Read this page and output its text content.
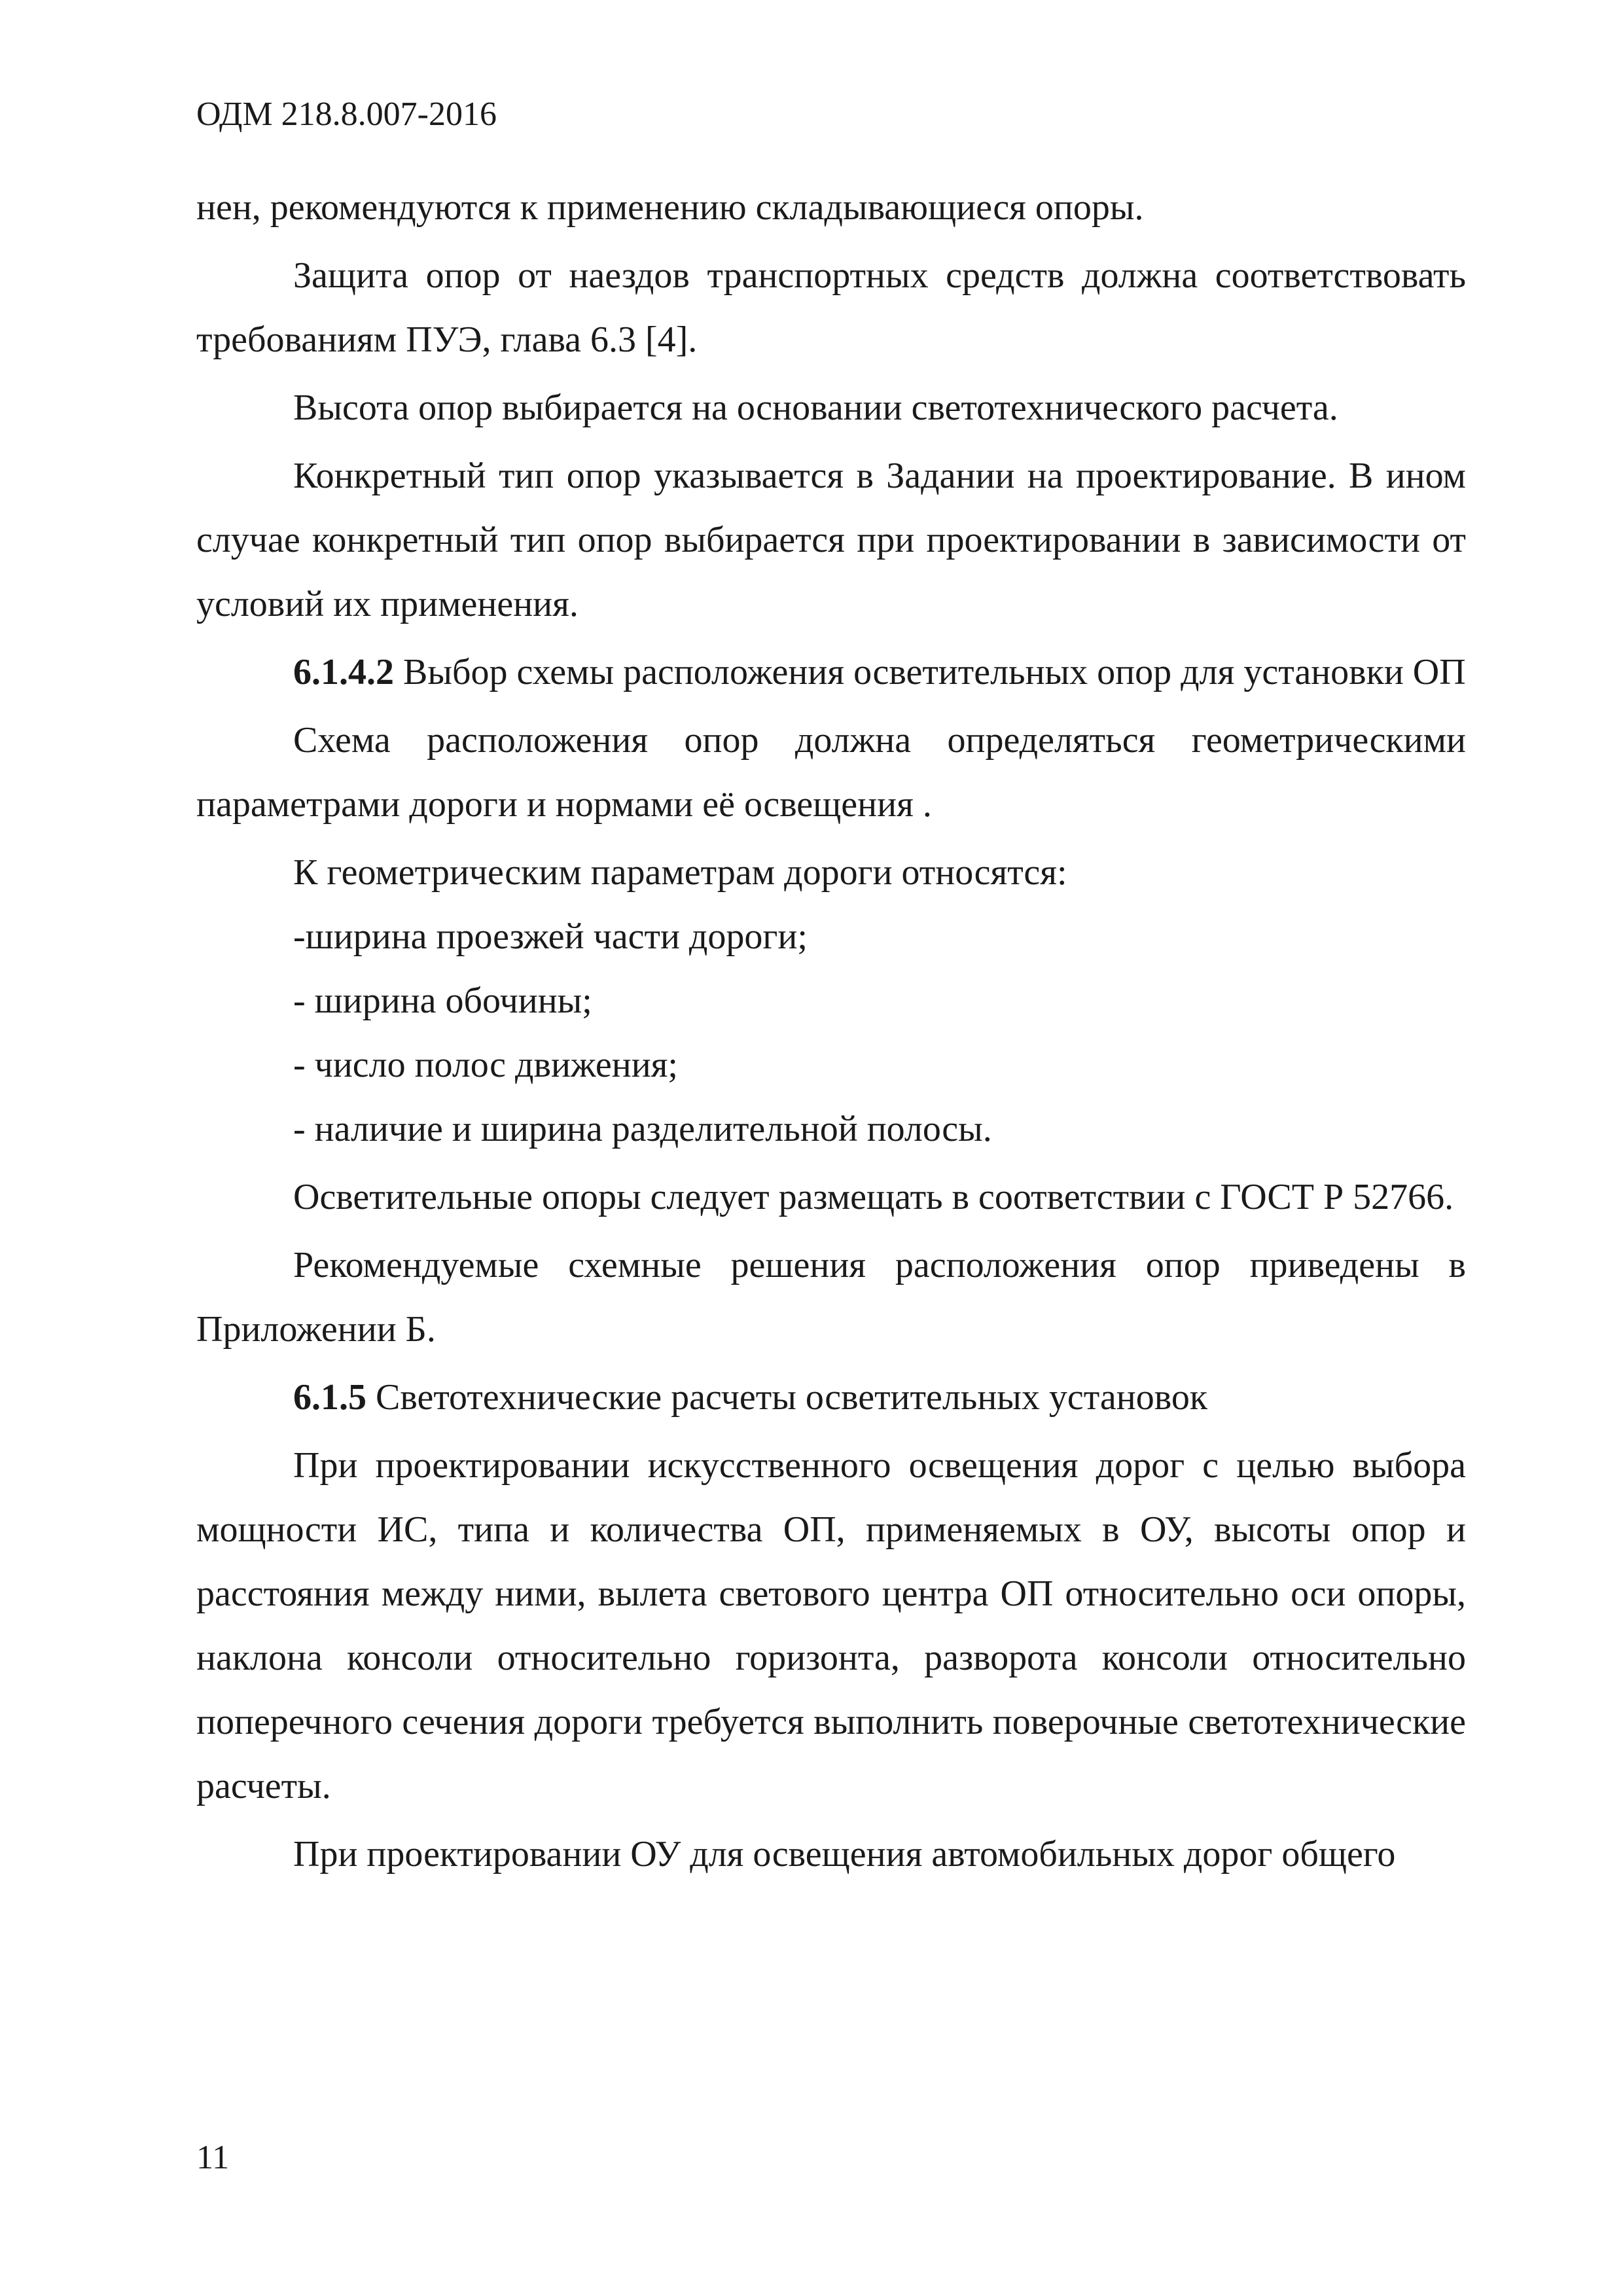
ОДМ 218.8.007-2016

нен, рекомендуются к применению складывающиеся опоры.

Защита опор от наездов транспортных средств должна соответствовать требованиям ПУЭ, глава 6.3 [4].

Высота опор выбирается на основании светотехнического расчета.

Конкретный тип опор указывается в Задании на проектирование. В ином случае конкретный тип опор выбирается при проектировании в зависимости от условий их применения.

6.1.4.2 Выбор схемы расположения осветительных опор для установки ОП

Схема расположения опор должна определяться геометрическими параметрами дороги и нормами её освещения .

К геометрическим параметрам дороги относятся:

-ширина проезжей части дороги;

- ширина обочины;

- число полос движения;

- наличие и ширина разделительной полосы.

Осветительные опоры следует размещать в соответствии с ГОСТ Р 52766.

Рекомендуемые схемные решения расположения опор приведены в Приложении Б.

6.1.5 Светотехнические расчеты осветительных установок

При проектировании искусственного освещения дорог с целью выбора мощности ИС, типа и количества ОП, применяемых в ОУ, высоты опор и расстояния между ними, вылета светового центра ОП относительно оси опоры, наклона консоли относительно горизонта, разворота консоли относительно поперечного сечения дороги требуется выполнить поверочные светотехнические расчеты.

При проектировании ОУ для освещения автомобильных дорог общего

11
